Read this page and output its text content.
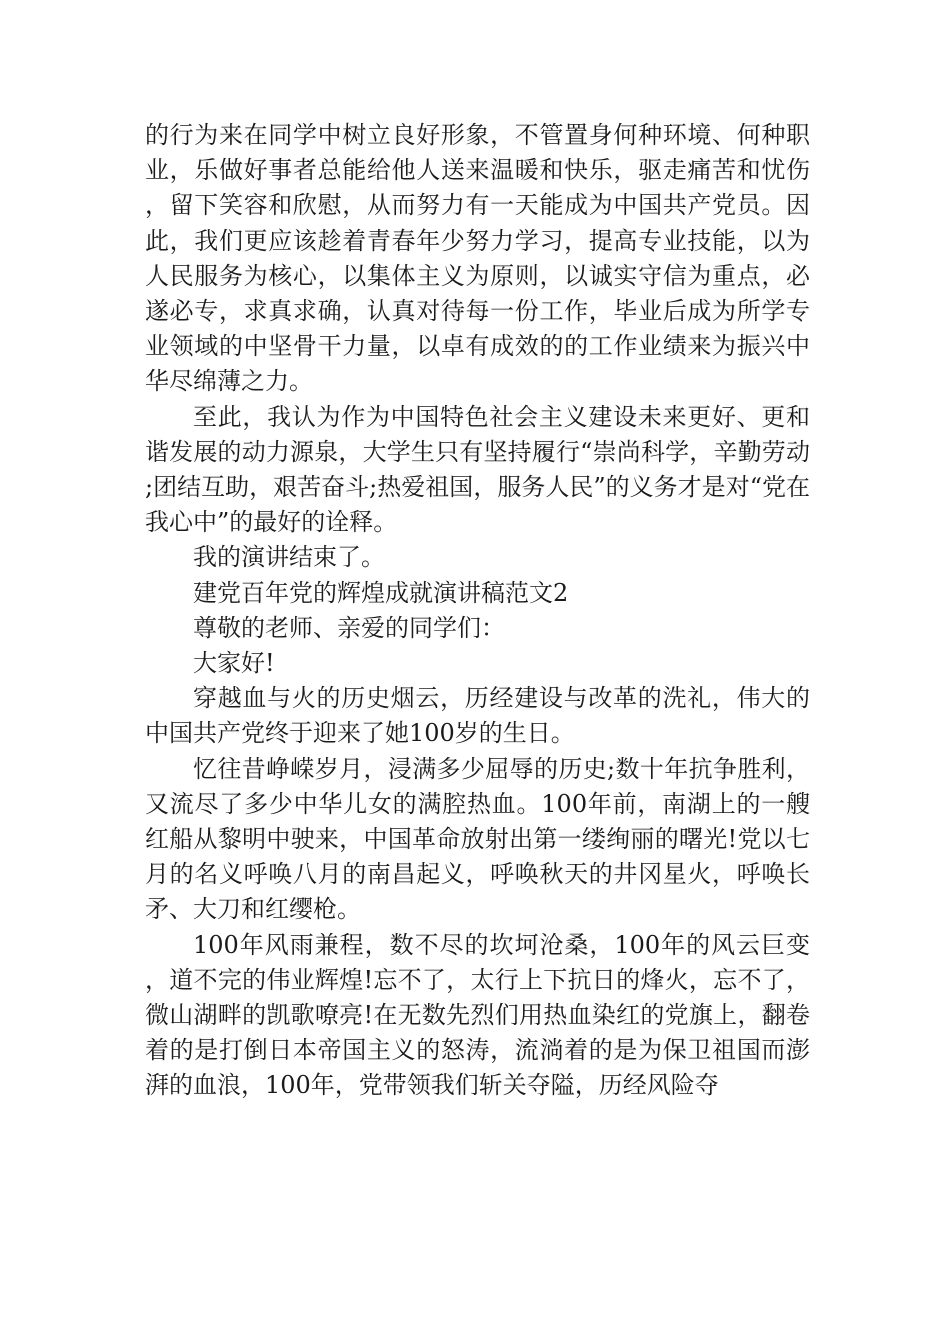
的行为来在同学中树立良好形象，不管置身何种环境、何种职业，乐做好事者总能给他人送来温暖和快乐，驱走痛苦和忧伤，留下笑容和欣慰，从而努力有一天能成为中国共产党员。因此，我们更应该趁着青春年少努力学习，提高专业技能，以为人民服务为核心，以集体主义为原则，以诚实守信为重点，必遂必专，求真求确，认真对待每一份工作，毕业后成为所学专业领域的中坚骨干力量，以卓有成效的的工作业绩来为振兴中华尽绵薄之力。

至此，我认为作为中国特色社会主义建设未来更好、更和谐发展的动力源泉，大学生只有坚持履行“崇尚科学，辛勤劳动;团结互助，艰苦奋斗;热爱祖国，服务人民”的义务才是对“党在我心中”的最好的诠释。

我的演讲结束了。

建党百年党的辉煌成就演讲稿范文2

尊敬的老师、亲爱的同学们：

大家好!

穿越血与火的历史烟云，历经建设与改革的洗礼，伟大的中国共产党终于迎来了她100岁的生日。

忆往昔峥嵘岁月，浸满多少屈辱的历史;数十年抗争胜利，又流尽了多少中华儿女的满腔热血。100年前，南湖上的一艘红船从黎明中驶来，中国革命放射出第一缕绚丽的曙光!党以七月的名义呼唤八月的南昌起义，呼唤秋天的井冈星火，呼唤长矛、大刀和红缨枪。

100年风雨兼程，数不尽的坎坷沧桑，100年的风云巨变，道不完的伟业辉煌!忘不了，太行上下抗日的烽火，忘不了，微山湖畔的凯歌嘹亮!在无数先烈们用热血染红的党旗上，翻卷着的是打倒日本帝国主义的怒涛，流淌着的是为保卫祖国而澎湃的血浪，100年，党带领我们斩关夺隘，历经风险夺
